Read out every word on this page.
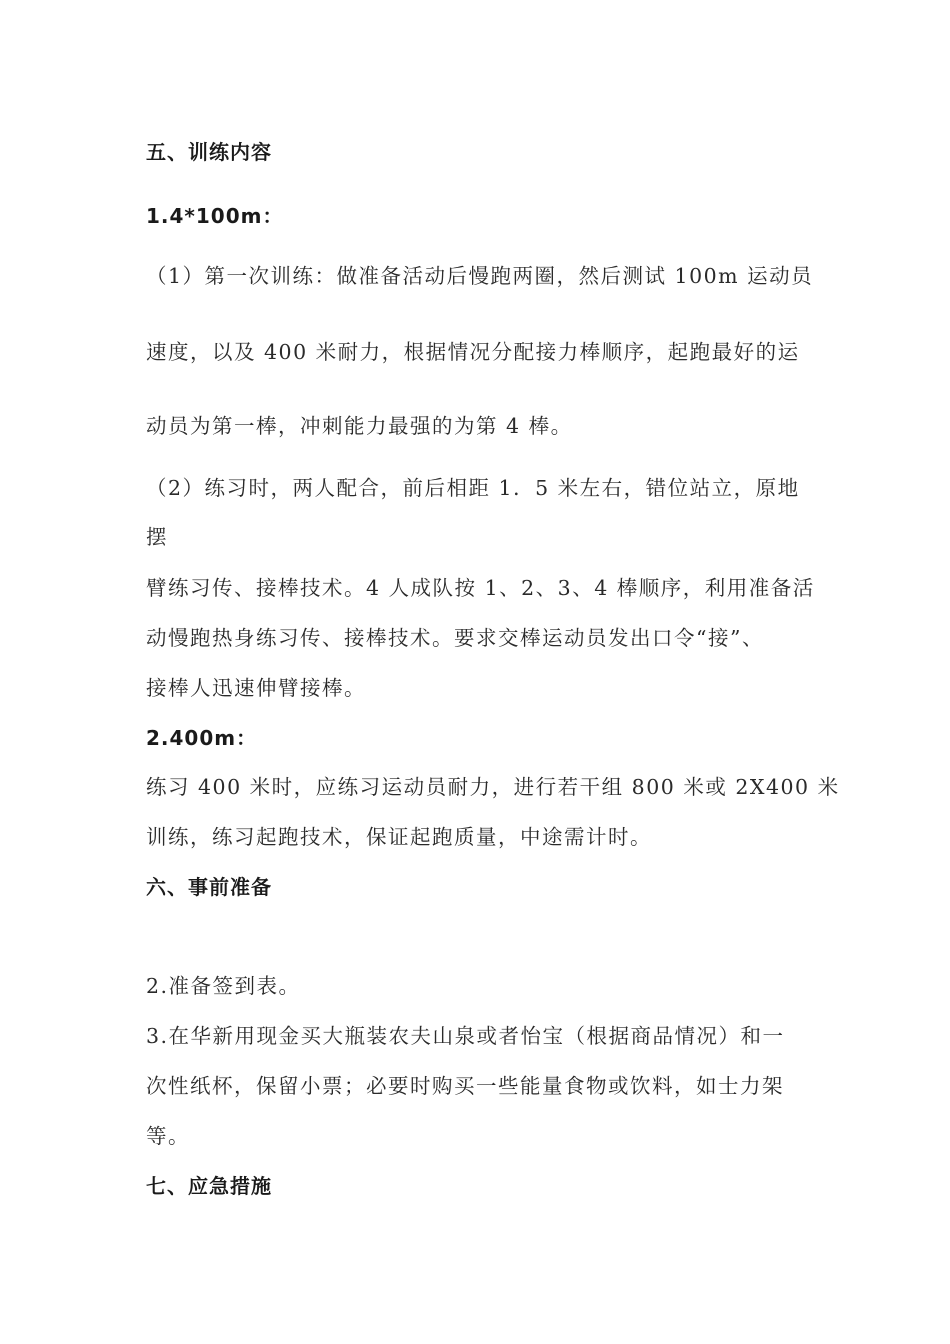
五、训练内容
1.4*100m：
（1）第一次训练：做准备活动后慢跑两圈，然后测试 100m 运动员
速度，以及 400 米耐力，根据情况分配接力棒顺序，起跑最好的运
动员为第一棒，冲刺能力最强的为第 4 棒。
（2）练习时，两人配合，前后相距 1．5 米左右，错位站立，原地
摆
臂练习传、接棒技术。4 人成队按 1、2、3、4 棒顺序，利用准备活
动慢跑热身练习传、接棒技术。要求交棒运动员发出口令“接”、
接棒人迅速伸臂接棒。
2.400m：
练习 400 米时，应练习运动员耐力，进行若干组 800 米或 2X400 米
训练，练习起跑技术，保证起跑质量，中途需计时。
六、事前准备
2.准备签到表。
3.在华新用现金买大瓶装农夫山泉或者怡宝（根据商品情况）和一
次性纸杯，保留小票；必要时购买一些能量食物或饮料，如士力架
等。
七、应急措施
